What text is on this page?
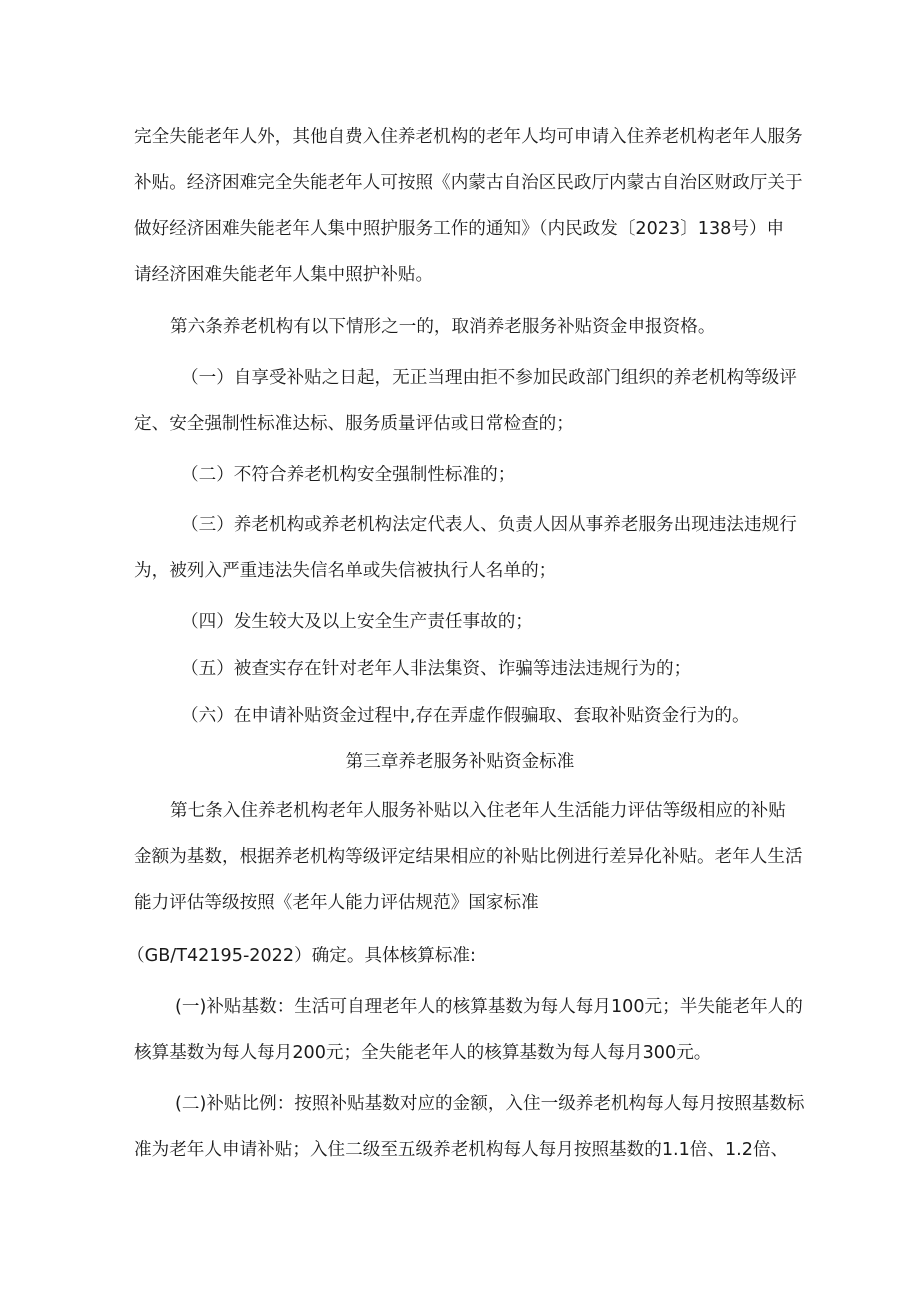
完全失能老年人外，其他自费入住养老机构的老年人均可申请入住养老机构老年人服务
补贴。经济困难完全失能老年人可按照《内蒙古自治区民政厅内蒙古自治区财政厅关于
做好经济困难失能老年人集中照护服务工作的通知》（内民政发〔2023〕138号）申
请经济困难失能老年人集中照护补贴。
第六条养老机构有以下情形之一的，取消养老服务补贴资金申报资格。
（一）自享受补贴之日起，无正当理由拒不参加民政部门组织的养老机构等级评
定、安全强制性标准达标、服务质量评估或日常检查的；
（二）不符合养老机构安全强制性标准的；
（三）养老机构或养老机构法定代表人、负责人因从事养老服务出现违法违规行
为，被列入严重违法失信名单或失信被执行人名单的；
（四）发生较大及以上安全生产责任事故的；
（五）被查实存在针对老年人非法集资、诈骗等违法违规行为的；
（六）在申请补贴资金过程中,存在弄虚作假骗取、套取补贴资金行为的。
第三章养老服务补贴资金标准
第七条入住养老机构老年人服务补贴以入住老年人生活能力评估等级相应的补贴
金额为基数，根据养老机构等级评定结果相应的补贴比例进行差异化补贴。老年人生活
能力评估等级按照《老年人能力评估规范》国家标准
（GB/T42195-2022）确定。具体核算标准:
(一)补贴基数：生活可自理老年人的核算基数为每人每月100元；半失能老年人的
核算基数为每人每月200元；全失能老年人的核算基数为每人每月300元。
(二)补贴比例：按照补贴基数对应的金额，入住一级养老机构每人每月按照基数标
准为老年人申请补贴；入住二级至五级养老机构每人每月按照基数的1.1倍、1.2倍、
